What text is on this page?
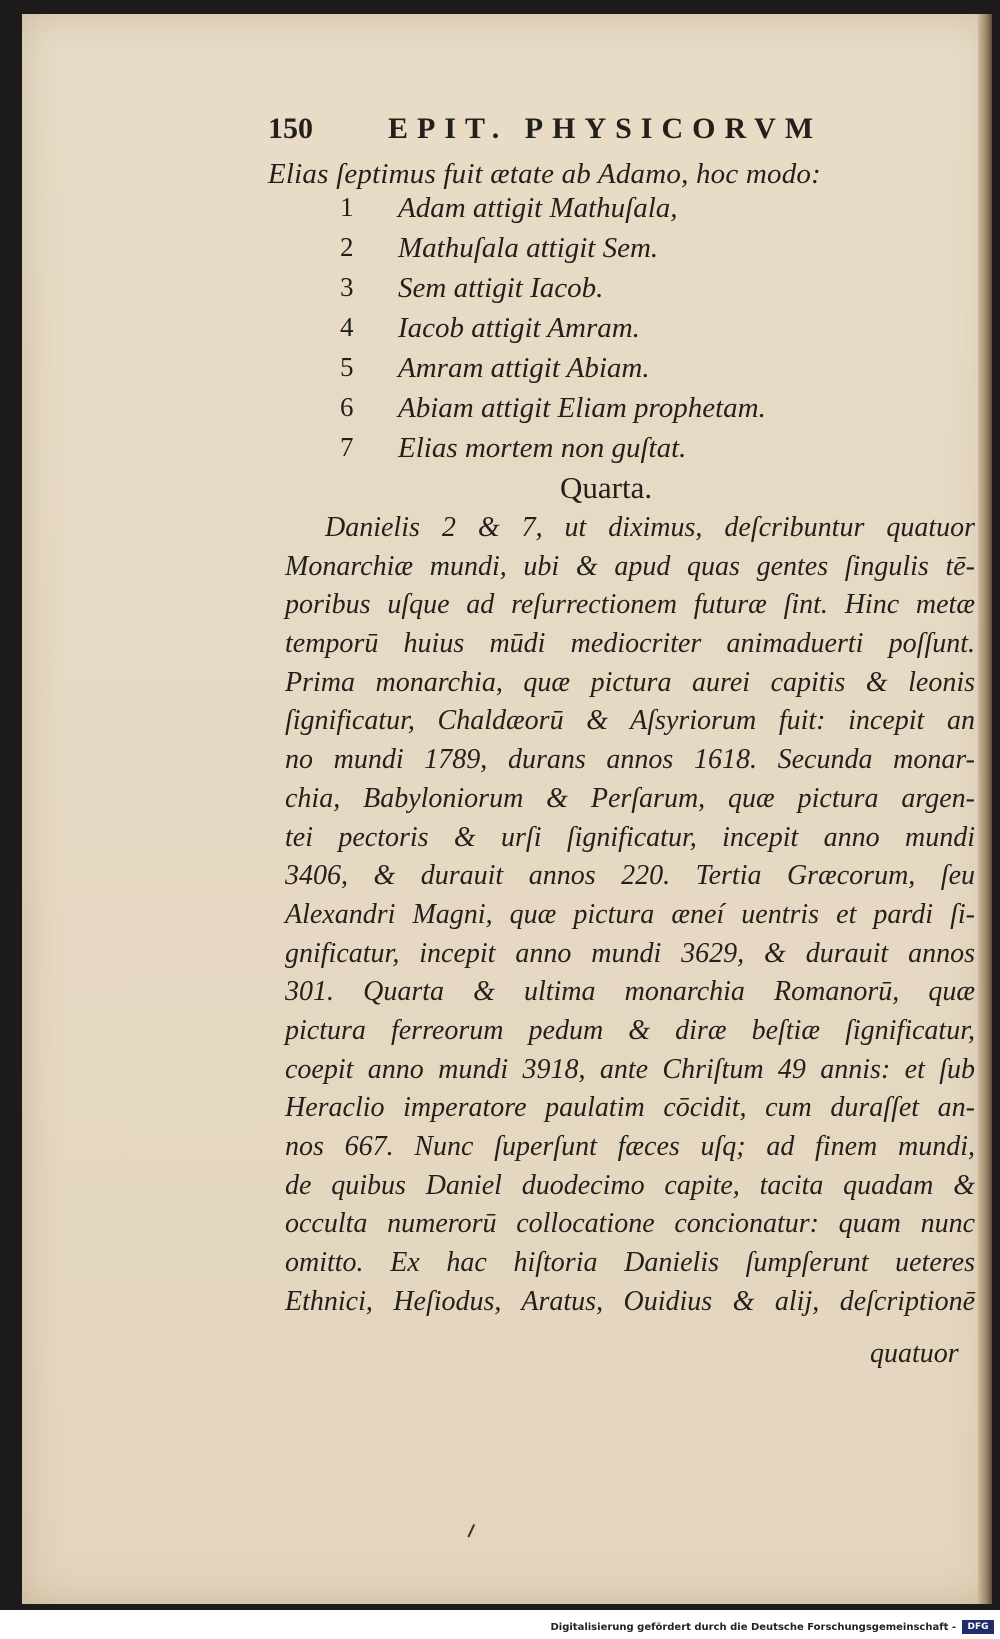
150	EPIT. PHYSICORVM
Elias ſeptimus fuit ætate ab Adamo, hoc modo:
1	Adam attigit Mathuſala,
2	Mathuſala attigit Sem.
3	Sem attigit Iacob.
4	Iacob attigit Amram.
5	Amram attigit Abiam.
6	Abiam attigit Eliam prophetam.
7	Elias mortem non guſtat.
Quarta.
Danielis 2 & 7, ut diximus, deſcribuntur quatuor
Monarchiæ mundi, ubi & apud quas gentes ſingulis tē-
poribus uſque ad reſurrectionem futuræ ſint. Hinc metæ
temporū huius mūdi mediocriter animaduerti poſſunt.
Prima monarchia, quæ pictura aurei capitis & leonis
ſignificatur, Chaldæorū & Aſsyriorum fuit: incepit an
no mundi 1789, durans annos 1618. Secunda monar-
chia, Babyloniorum & Perſarum, quæ pictura argen-
tei pectoris & urſi ſignificatur, incepit anno mundi
3406, & durauit annos 220. Tertia Græcorum, ſeu
Alexandri Magni, quæ pictura æneí uentris et pardi ſi-
gnificatur, incepit anno mundi 3629, & durauit annos
301. Quarta & ultima monarchia Romanorū, quæ
pictura ferreorum pedum & diræ beſtiæ ſignificatur,
coepit anno mundi 3918, ante Chriſtum 49 annis: et ſub
Heraclio imperatore paulatim cōcidit, cum duraſſet an-
nos 667. Nunc ſuperſunt fæces uſq; ad finem mundi,
de quibus Daniel duodecimo capite, tacita quadam &
occulta numerorū collocatione concionatur: quam nunc
omitto. Ex hac hiſtoria Danielis ſumpſerunt ueteres
Ethnici, Heſiodus, Aratus, Ouidius & alij, deſcriptionē
quatuor
Digitalisierung gefördert durch die Deutsche Forschungsgemeinschaft -	DFG
